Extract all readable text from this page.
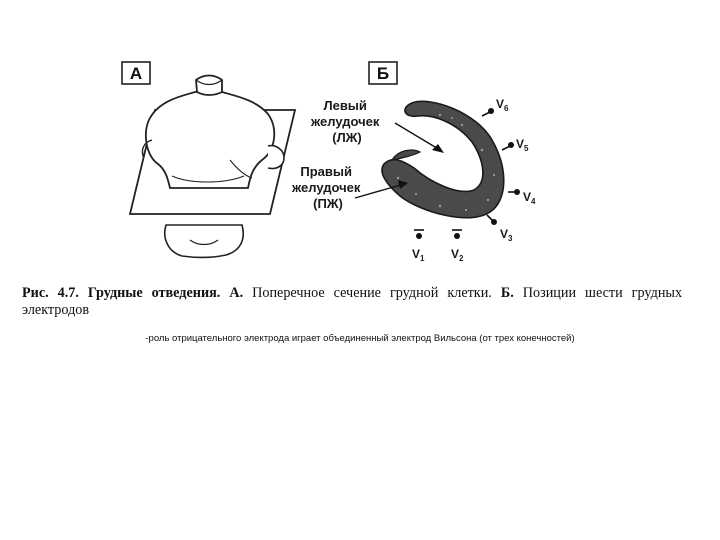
А	Б
Левый желудочек (ЛЖ)
Правый желудочек (ПЖ)
$V_6$
$V_5$
$V_4$
$V_3$
$V_1$ $V_2$
Рис. 4.7. Грудные отведения. А. Поперечное сечение грудной клетки. Б. Позиции шести грудных электродов
-роль отрицательного электрода играет объединенный электрод Вильсона (от трех конечностей)
